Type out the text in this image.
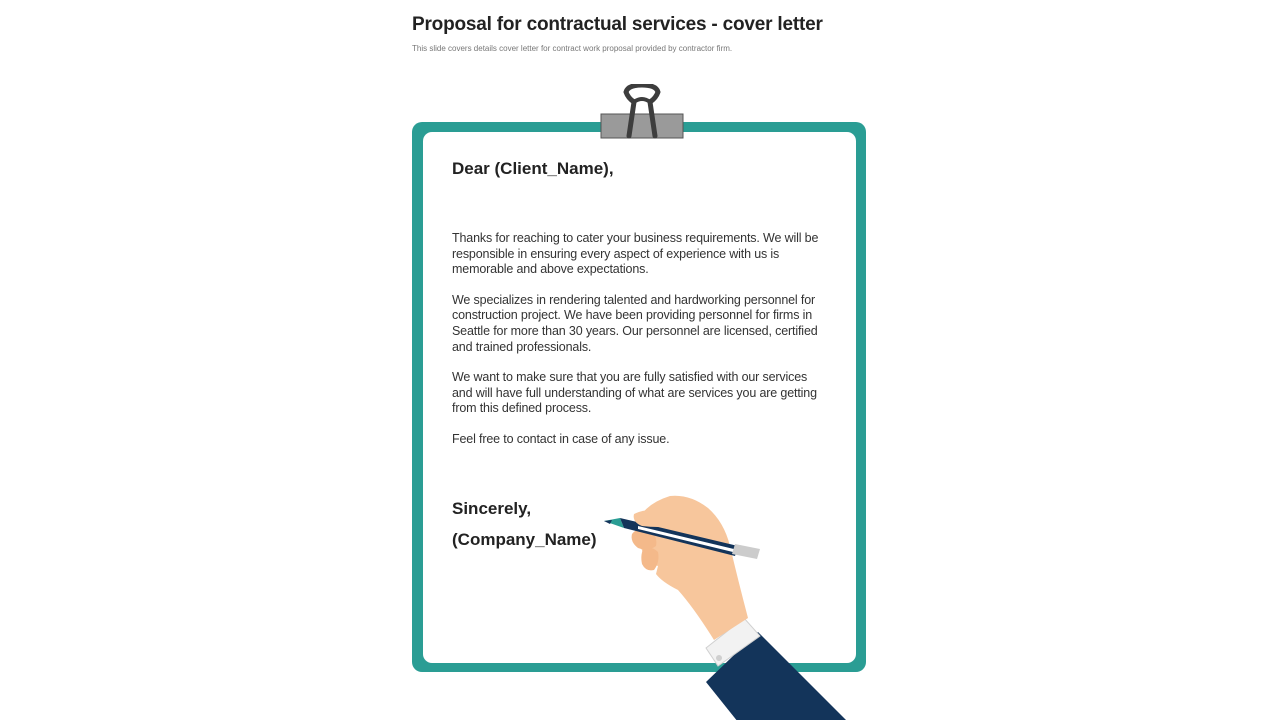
Proposal for contractual services - cover letter

This slide covers details cover letter for contract work proposal provided by contractor firm.

Dear (Client_Name),

Thanks for reaching to cater your business requirements. We will be responsible in ensuring every aspect of experience with us is memorable and above expectations.

We specializes in rendering talented and hardworking personnel for construction project. We have been providing personnel for firms in Seattle for more than 30 years. Our personnel are licensed, certified and trained professionals.

We want to make sure that you are fully satisfied with our services and will have full understanding of what are services you are getting from this defined process.

Feel free to contact in case of any issue.

Sincerely,
(Company_Name)
